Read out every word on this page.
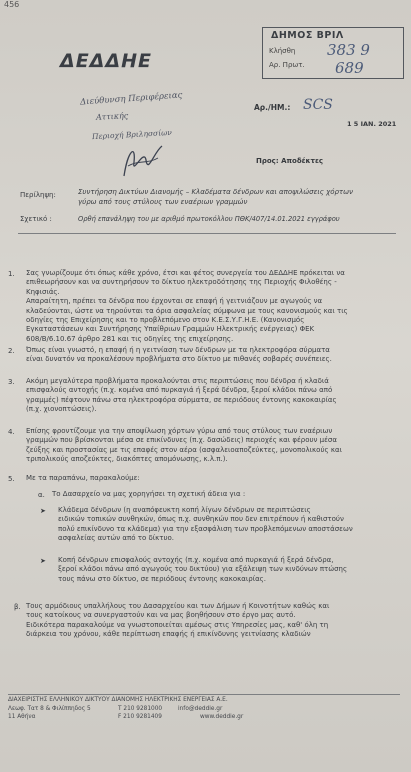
456
ΔΗΜΟΣ ΒΡΙΛ
Κλήσθη
Αρ. Πρωτ.
383 9
689
ΔΕΔΔΗΕ
Διεύθυνση Περιφέρειας
Αττικής
Περιοχή Βριλησσίων
Αρ./ΗΜ.: SCS
1 5 ΙΑΝ. 2021
Προς: Αποδέκτες
Περίληψη:	Συντήρηση Δικτύων Διανομής – Κλαδέματα δένδρων και αποψιλώσεις χόρτων
γύρω από τους στύλους των εναέριων γραμμών
Σχετικό :	Ορθή επανάληψη του με αριθμό πρωτοκόλλου ΠΘΚ/407/14.01.2021 εγγράφου
1. Σας γνωρίζουμε ότι όπως κάθε χρόνο, έτσι και φέτος συνεργεία του ΔΕΔΔΗΕ πρόκειται να
επιθεωρήσουν και να συντηρήσουν το δίκτυο ηλεκτροδότησης της Περιοχής Φιλοθέης -
Κηφισιάς.
Απαραίτητη, πρέπει τα δένδρα που έρχονται σε επαφή ή γειτνιάζουν με αγωγούς να
κλαδεύονται, ώστε να τηρούνται τα όρια ασφαλείας σύμφωνα με τους κανονισμούς και τις
οδηγίες της Επιχείρησης και το προβλεπόμενο στον Κ.Ε.Σ.Υ.Γ.Η.Ε. (Κανονισμός
Εγκαταστάσεων και Συντήρησης Υπαίθριων Γραμμών Ηλεκτρικής ενέργειας) ΦΕΚ
608/Β/6.10.67 άρθρο 281 και τις οδηγίες της επιχείρησης.
2. Όπως είναι γνωστό, η επαφή ή η γειτνίαση των δένδρων με τα ηλεκτροφόρα σύρματα
είναι δυνατόν να προκαλέσουν προβλήματα στο δίκτυο με πιθανές σοβαρές συνέπειες.
3. Ακόμη μεγαλύτερα προβλήματα προκαλούνται στις περιπτώσεις που δένδρα ή κλαδιά
επισφαλούς αντοχής (π.χ. κομένα από πυρκαγιά ή ξερά δένδρα, ξεροί κλάδοι πάνω από
γραμμές) πέφτουν πάνω στα ηλεκτροφόρα σύρματα, σε περιόδους έντονης κακοκαιρίας
(π.χ. χιονοπτώσεις).
4. Επίσης φροντίζουμε για την αποψίλωση χόρτων γύρω από τους στύλους των εναέριων
γραμμών που βρίσκονται μέσα σε επικίνδυνες (π.χ. δασώδεις) περιοχές και φέρουν μέσα
ζεύξης και προστασίας με τις επαφές στον αέρα (ασφαλειοαποζεύκτες, μονοπολικούς και
τριπολικούς αποζεύκτες, διακόπτες απομόνωσης, κ.λ.π.).
5. Με τα παραπάνω, παρακαλούμε:
α. Το Δασαρχείο να μας χορηγήσει τη σχετική άδεια για :
➤ Κλάδεμα δένδρων (η αναπόφευκτη κοπή λίγων δένδρων σε περιπτώσεις
ειδικών τοπικών συνθηκών, όπως π.χ. συνθηκών που δεν επιτρέπουν ή καθιστούν
πολύ επικίνδυνο τα κλάδεμα) για την εξασφάλιση των προβλεπόμενων αποστάσεων
ασφαλείας αυτών από το δίκτυο.
➤ Κοπή δένδρων επισφαλούς αντοχής (π.χ. κομένα από πυρκαγιά ή ξερά δένδρα,
ξεροί κλάδοι πάνω από αγωγούς του δικτύου) για εξάλειψη των κινδύνων πτώσης
τους πάνω στο δίκτυο, σε περιόδους έντονης κακοκαιρίας.
β. Τους αρμόδιους υπαλλήλους του Δασαρχείου και των Δήμων ή Κοινοτήτων καθώς και
τους κατοίκους να συνεργαστούν και να μας βοηθήσουν στο έργο μας αυτό.
Ειδικότερα παρακαλούμε να γνωστοποιείται αμέσως στις Υπηρεσίες μας, καθ' όλη τη
διάρκεια του χρόνου, κάθε περίπτωση επαφής ή επικίνδυνης γειτνίασης κλαδιών
ΔΙΑΧΕΙΡΙΣΤΗΣ ΕΛΛΗΝΙΚΟΥ ΔΙΚΤΥΟΥ ΔΙΑΝΟΜΗΣ ΗΛΕΚΤΡΙΚΗΣ ΕΝΕΡΓΕΙΑΣ Α.Ε.
Λεωφ. Τατ 8 & Φιλίππηδος 5
11 Αθήνα
Τ 210 9281000
F 210 9281409
info@deddie.gr
www.deddie.gr
